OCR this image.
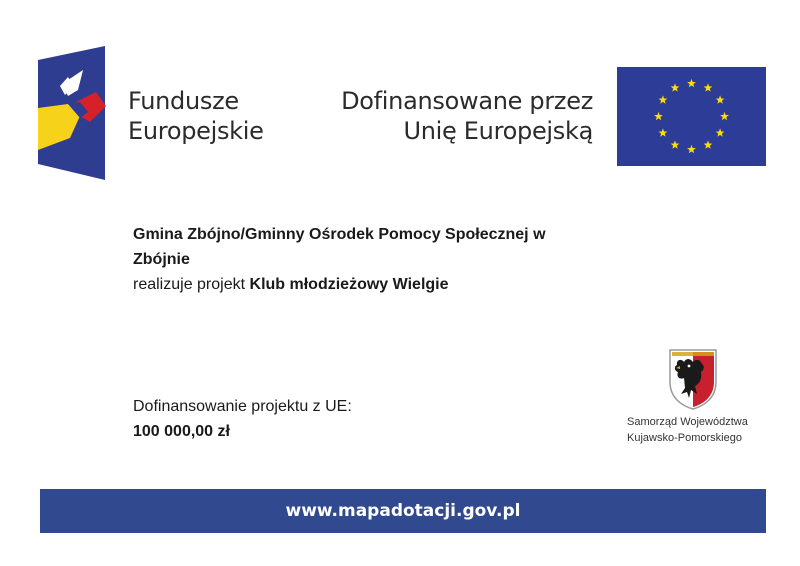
Fundusze
Europejskie
Dofinansowane przez
Unię Europejską
Gmina Zbójno/Gminny Ośrodek Pomocy Społecznej w Zbójnie
realizuje projekt Klub młodzieżowy Wielgie
Dofinansowanie projektu z UE:
100 000,00 zł
Samorząd Województwa
Kujawsko-Pomorskiego
www.mapadotacji.gov.pl
